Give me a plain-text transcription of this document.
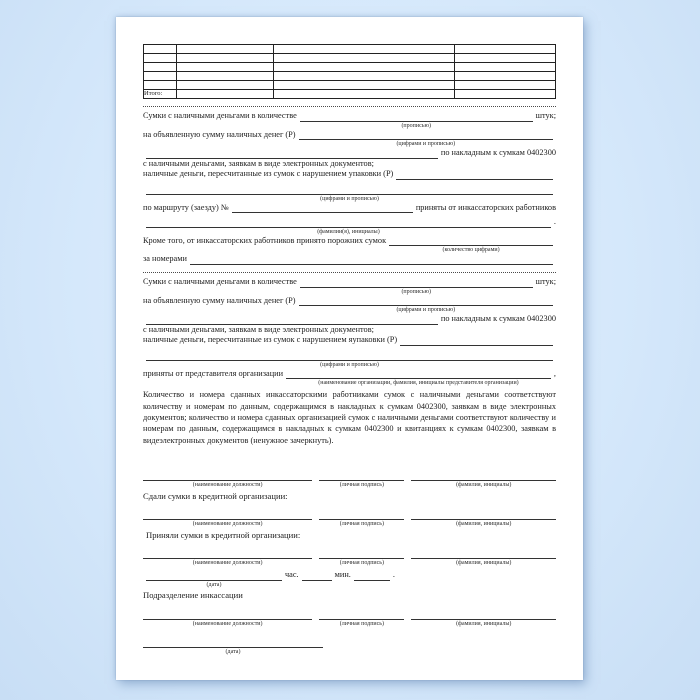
Итого:			
Сумки с наличными деньгами в количестве	штук;
(прописью)
на объявленную сумму наличных денег (Р)
(цифрами и прописью)
по накладным к сумкам 0402300
с наличными деньгами, заявкам в виде электронных документов;
наличные деньги, пересчитанные из сумок с нарушением упаковки (Р)
(цифрами и прописью)
по маршруту (заезду) №	приняты от инкассаторских работников
.
(фамилии(я), инициалы)
Кроме того, от инкассаторских работников принято порожних сумок
(количество цифрами)
за номерами
Сумки с наличными деньгами в количестве	штук;
(прописью)
на объявленную сумму наличных денег (Р)
(цифрами и прописью)
по накладным к сумкам 0402300
с наличными деньгами, заявкам в виде электронных документов;
наличные деньги, пересчитанные из сумок с нарушением яупаковки (Р)
(цифрами и прописью)
приняты от представителя организации	,
(наименование организации, фамилия, инициалы представителя организации)
Количество и номера сданных инкассаторскими работниками сумок с наличными деньгами соответствуют количеству и номерам по данным, содержащимся в накладных к сумкам 0402300, заявкам в виде электронных документов; количество и номера сданных организацией сумок с наличными деньгами соответствуют количеству и номерам по данным, содержащимся в накладных к сумкам 0402300 и квитанциях к сумкам 0402300, заявкам в видеэлектронных документов (ненужное зачеркнуть).
(наименование должности)	(личная подпись)	(фамилия, инициалы)
Сдали сумки в кредитной организации:
(наименование должности)	(личная подпись)	(фамилия, инициалы)
Приняли сумки в кредитной организации:
(наименование должности)	(личная подпись)	(фамилия, инициалы)
час.	мин.	.
(дата)
Подразделение инкассации
(наименование должности)	(личная подпись)	(фамилия, инициалы)
(дата)
